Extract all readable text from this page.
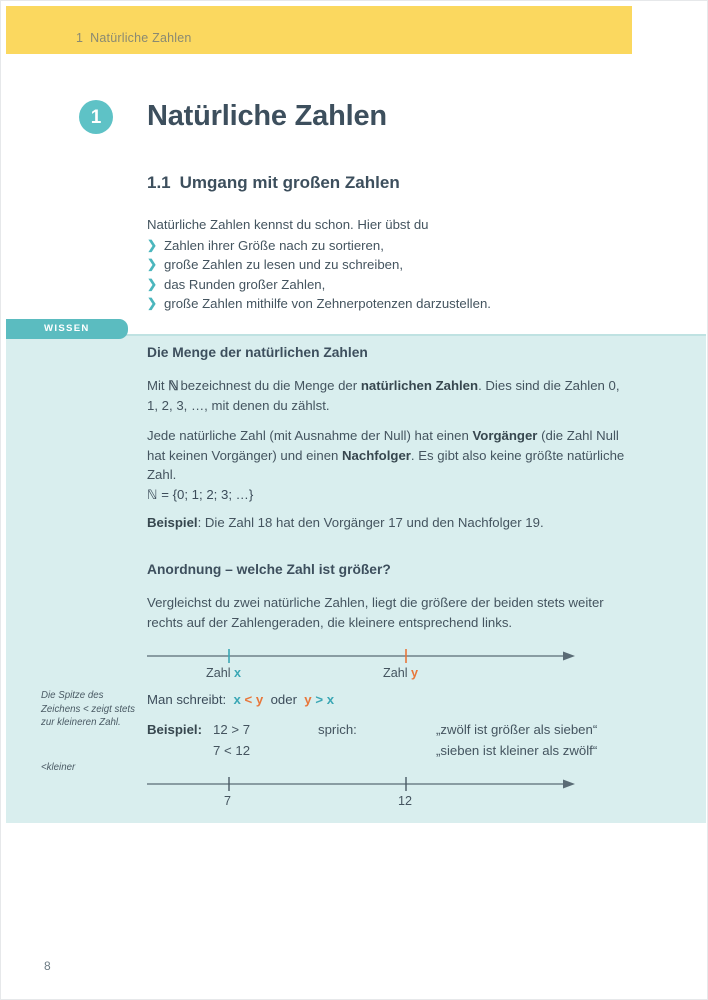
1 Natürliche Zahlen
1	Natürliche Zahlen
1.1 Umgang mit großen Zahlen

Natürliche Zahlen kennst du schon. Hier übst du

❯ Zahlen ihrer Größe nach zu sortieren,
❯ große Zahlen zu lesen und zu schreiben,
❯ das Runden großer Zahlen,
❯ große Zahlen mithilfe von Zehnerpotenzen darzustellen.
WISSEN
Die Menge der natürlichen Zahlen
Mit ℕ bezeichnest du die Menge der natürlichen Zahlen. Dies sind die Zahlen 0, 1, 2, 3, …, mit denen du zählst.
Jede natürliche Zahl (mit Ausnahme der Null) hat einen Vorgänger (die Zahl Null hat keinen Vorgänger) und einen Nachfolger. Es gibt also keine größte natürliche Zahl.
ℕ = {0; 1; 2; 3; …}
Beispiel: Die Zahl 18 hat den Vorgänger 17 und den Nachfolger 19.
Anordnung – welche Zahl ist größer?
Vergleichst du zwei natürliche Zahlen, liegt die größere der beiden stets weiter rechts auf der Zahlengeraden, die kleinere entsprechend links.
Zahl x	Zahl y
Die Spitze des Zeichens < zeigt stets zur kleineren Zahl.
<kleiner
Man schreibt: x < y oder y > x
Beispiel:	12 > 7	sprich:	„zwölf ist größer als sieben“
	7 < 12		„sieben ist kleiner als zwölf“
7	12
8
